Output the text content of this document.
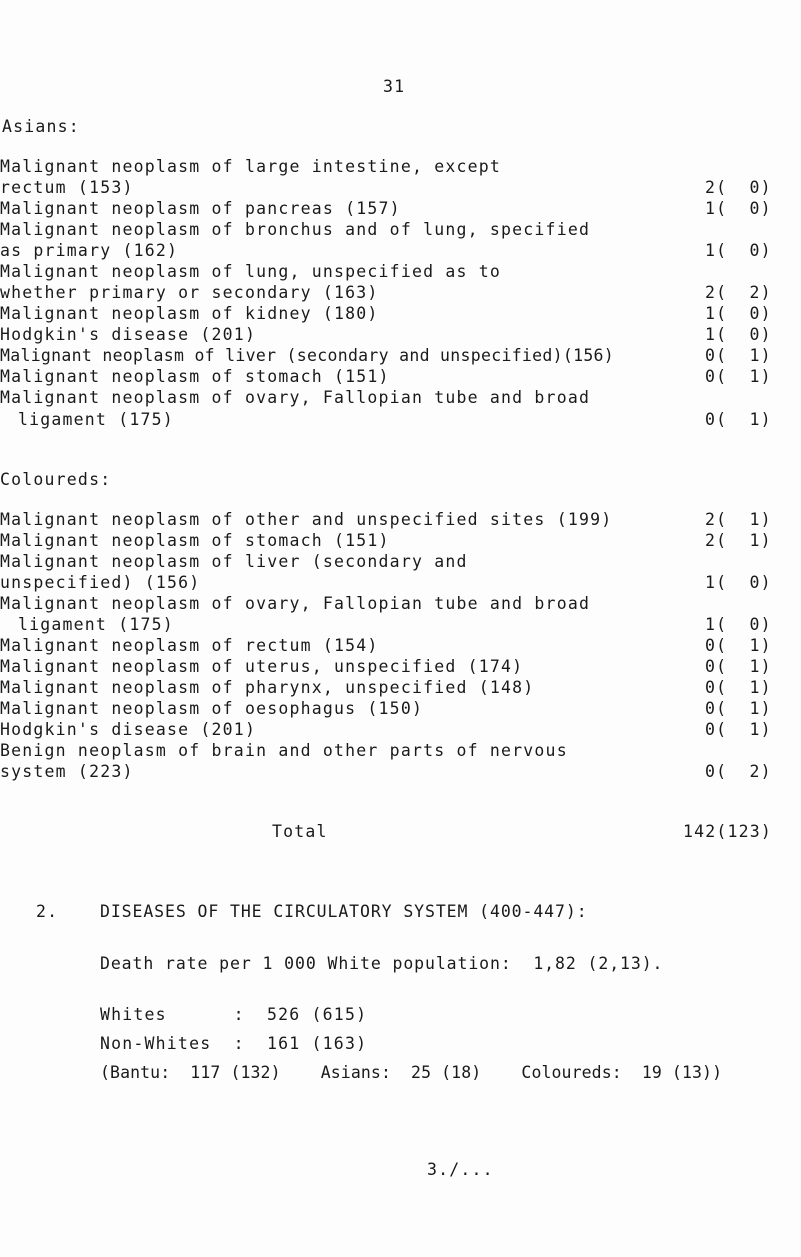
31
Asians:
Malignant neoplasm of large intestine, except
rectum (153)	2(  0)
Malignant neoplasm of pancreas (157)	1(  0)
Malignant neoplasm of bronchus and of lung, specified
as primary (162)	1(  0)
Malignant neoplasm of lung, unspecified as to
whether primary or secondary (163)	2(  2)
Malignant neoplasm of kidney (180)	1(  0)
Hodgkin's disease (201)	1(  0)
Malignant neoplasm of liver (secondary and unspecified)(156)	0(  1)
Malignant neoplasm of stomach (151)	0(  1)
Malignant neoplasm of ovary, Fallopian tube and broad
ligament (175)	0(  1)
Coloureds:
Malignant neoplasm of other and unspecified sites (199)	2(  1)
Malignant neoplasm of stomach (151)	2(  1)
Malignant neoplasm of liver (secondary and
unspecified) (156)	1(  0)
Malignant neoplasm of ovary, Fallopian tube and broad
ligament (175)	1(  0)
Malignant neoplasm of rectum (154)	0(  1)
Malignant neoplasm of uterus, unspecified (174)	0(  1)
Malignant neoplasm of pharynx, unspecified (148)	0(  1)
Malignant neoplasm of oesophagus (150)	0(  1)
Hodgkin's disease (201)	0(  1)
Benign neoplasm of brain and other parts of nervous
system (223)	0(  2)
Total	142(123)
2.	DISEASES OF THE CIRCULATORY SYSTEM (400-447):
Death rate per 1 000 White population:  1,82 (2,13).
Whites      :  526 (615)
Non-Whites  :  161 (163)
(Bantu:  117 (132)    Asians:  25 (18)    Coloureds:  19 (13))
3./...
